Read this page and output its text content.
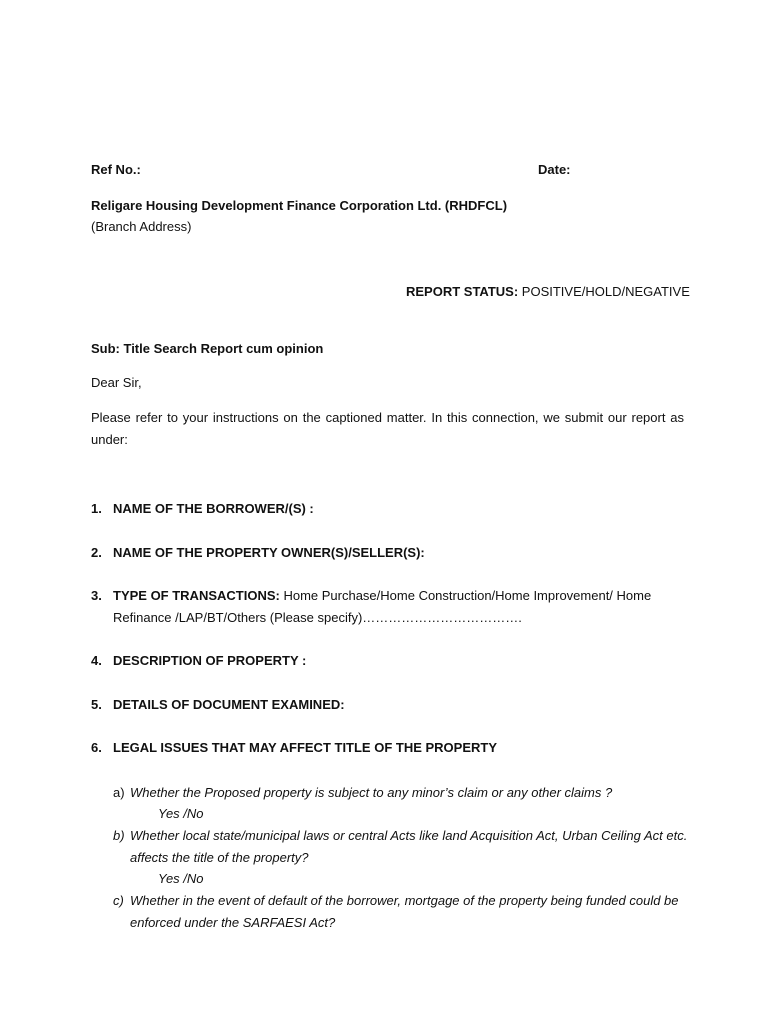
Ref No.:	Date:
Religare Housing Development Finance Corporation Ltd. (RHDFCL)
(Branch Address)
REPORT STATUS: POSITIVE/HOLD/NEGATIVE
Sub: Title Search Report cum opinion
Dear Sir,
Please refer to your instructions on the captioned matter. In this connection, we submit our report as under:
1. NAME OF THE BORROWER/(S) :
2. NAME OF THE PROPERTY OWNER(S)/SELLER(S):
3. TYPE OF TRANSACTIONS: Home Purchase/Home Construction/Home Improvement/ Home Refinance /LAP/BT/Others (Please specify)……………………………….
4. DESCRIPTION OF PROPERTY :
5. DETAILS OF DOCUMENT EXAMINED:
6. LEGAL ISSUES THAT MAY AFFECT TITLE OF THE PROPERTY
a) Whether the Proposed property is subject to any minor’s claim or any other claims ?
Yes /No
b) Whether local state/municipal laws or central Acts like land Acquisition Act, Urban Ceiling Act etc. affects the title of the property?
Yes /No
c) Whether in the event of default of the borrower, mortgage of the property being funded could be enforced under the SARFAESI Act?
